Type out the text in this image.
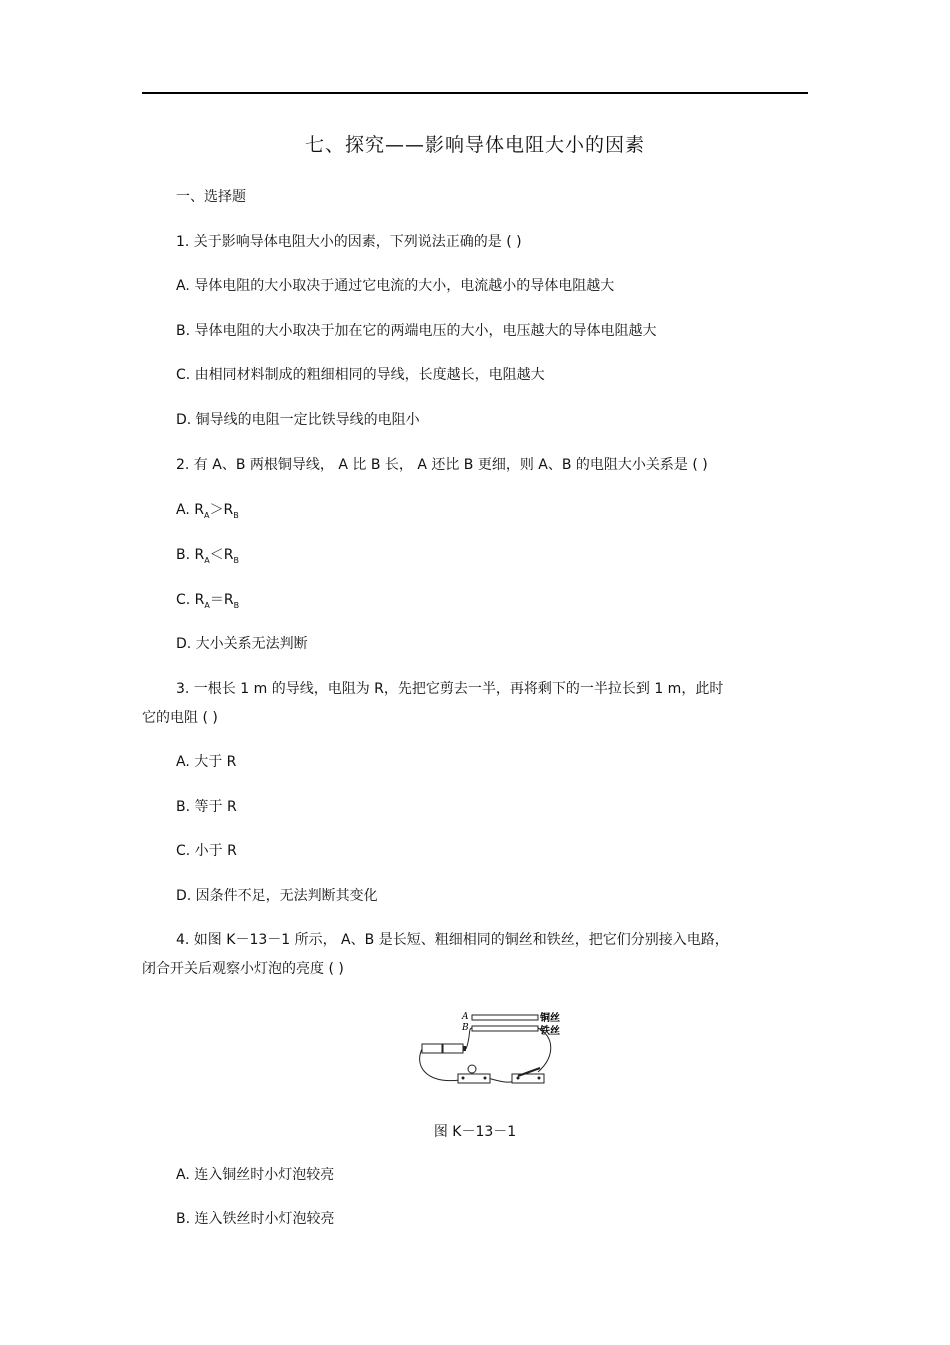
七、探究——影响导体电阻大小的因素
一、选择题
1. 关于影响导体电阻大小的因素，下列说法正确的是 ( )
A. 导体电阻的大小取决于通过它电流的大小，电流越小的导体电阻越大
B. 导体电阻的大小取决于加在它的两端电压的大小，电压越大的导体电阻越大
C. 由相同材料制成的粗细相同的导线，长度越长，电阻越大
D. 铜导线的电阻一定比铁导线的电阻小
2. 有 A、B 两根铜导线， A 比 B 长， A 还比 B 更细，则 A、B 的电阻大小关系是 ( )
A. $R_A>R_B$
B. $R_A<R_B$
C. $R_A=R_B$
D. 大小关系无法判断
3. 一根长 1 m 的导线，电阻为 R，先把它剪去一半，再将剩下的一半拉长到 1 m，此时
它的电阻 ( )
A. 大于 R
B. 等于 R
C. 小于 R
D. 因条件不足，无法判断其变化
4. 如图 K－13－1 所示， A、B 是长短、粗细相同的铜丝和铁丝，把它们分别接入电路，
闭合开关后观察小灯泡的亮度 ( )
A
B
铜丝
铁丝
图 K－13－1
A. 连入铜丝时小灯泡较亮
B. 连入铁丝时小灯泡较亮
